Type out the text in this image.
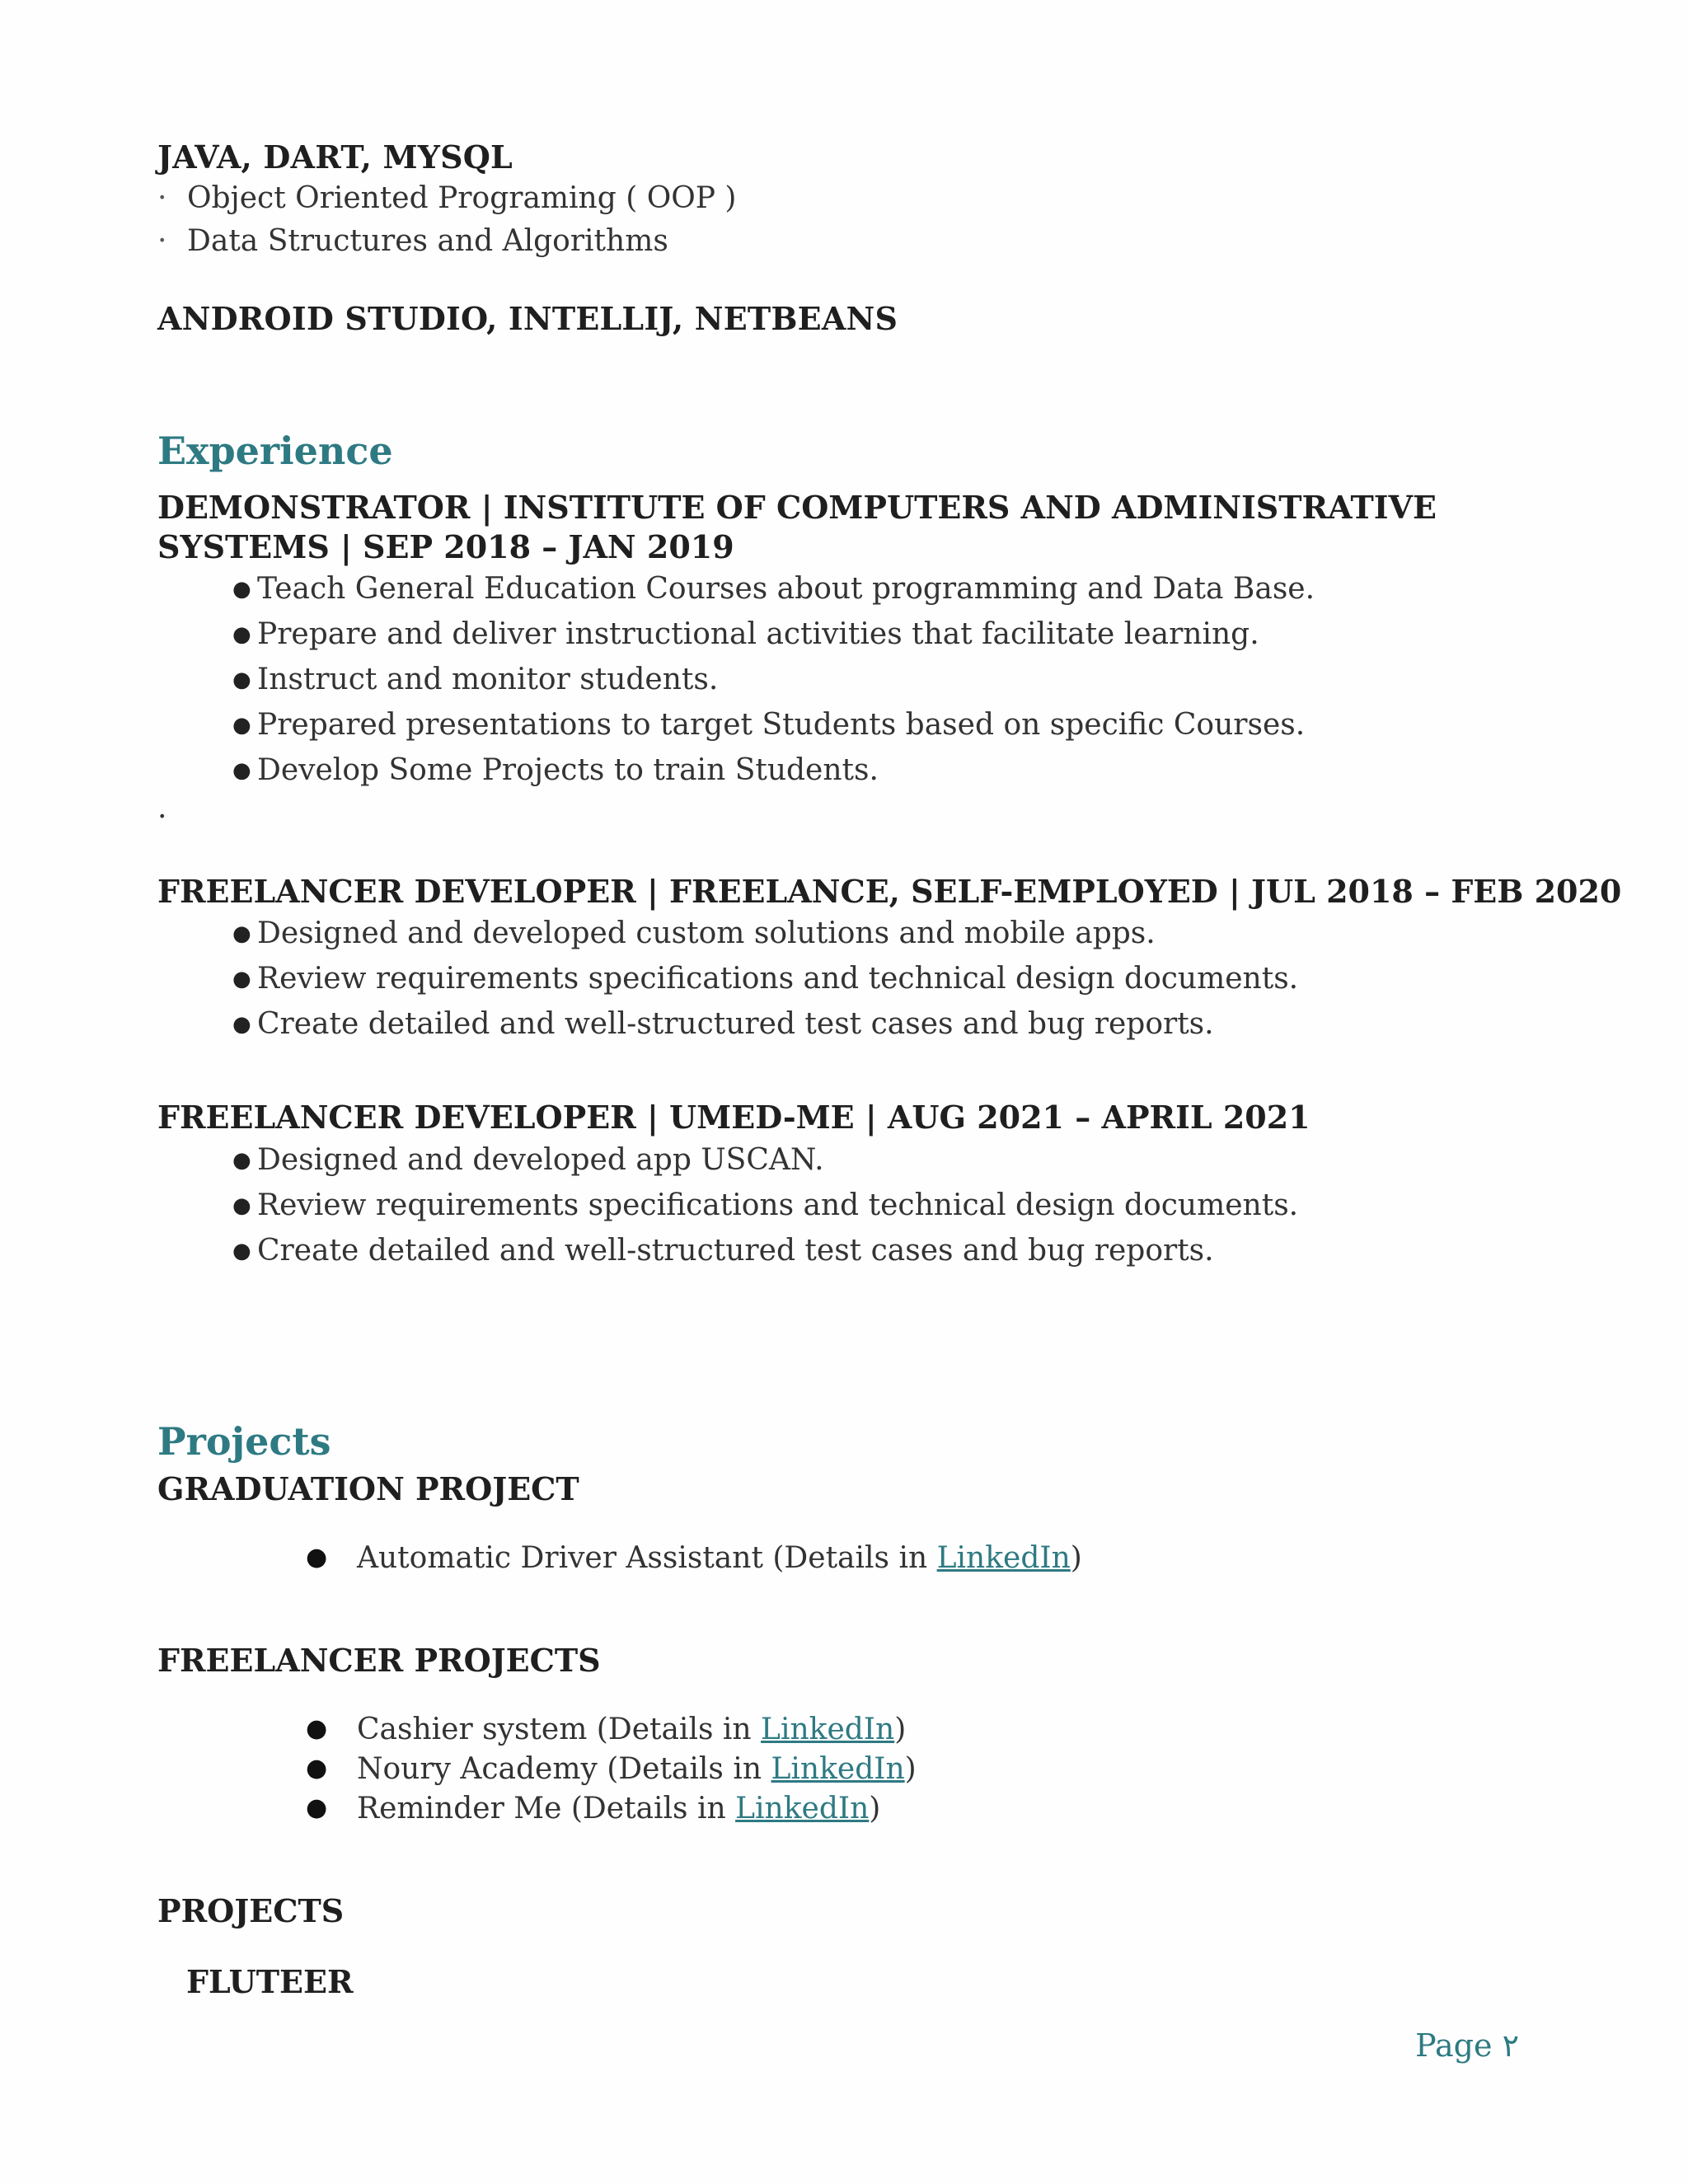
JAVA, DART, MYSQL
· Object Oriented Programing ( OOP )
· Data Structures and Algorithms
ANDROID STUDIO, INTELLIJ, NETBEANS
Experience
DEMONSTRATOR | INSTITUTE OF COMPUTERS AND ADMINISTRATIVE SYSTEMS | SEP 2018 – JAN 2019
● Teach General Education Courses about programming and Data Base.
● Prepare and deliver instructional activities that facilitate learning.
● Instruct and monitor students.
● Prepared presentations to target Students based on specific Courses.
● Develop Some Projects to train Students.
.
FREELANCER DEVELOPER | FREELANCE, SELF-EMPLOYED | JUL 2018 – FEB 2020
● Designed and developed custom solutions and mobile apps.
● Review requirements specifications and technical design documents.
● Create detailed and well-structured test cases and bug reports.
FREELANCER DEVELOPER | UMED-ME | AUG 2021 – APRIL 2021
● Designed and developed app USCAN.
● Review requirements specifications and technical design documents.
● Create detailed and well-structured test cases and bug reports.
Projects
GRADUATION PROJECT
● Automatic Driver Assistant (Details in LinkedIn)
FREELANCER PROJECTS
● Cashier system (Details in LinkedIn)
● Noury Academy (Details in LinkedIn)
● Reminder Me (Details in LinkedIn)
PROJECTS
FLUTEER
Page ٢
